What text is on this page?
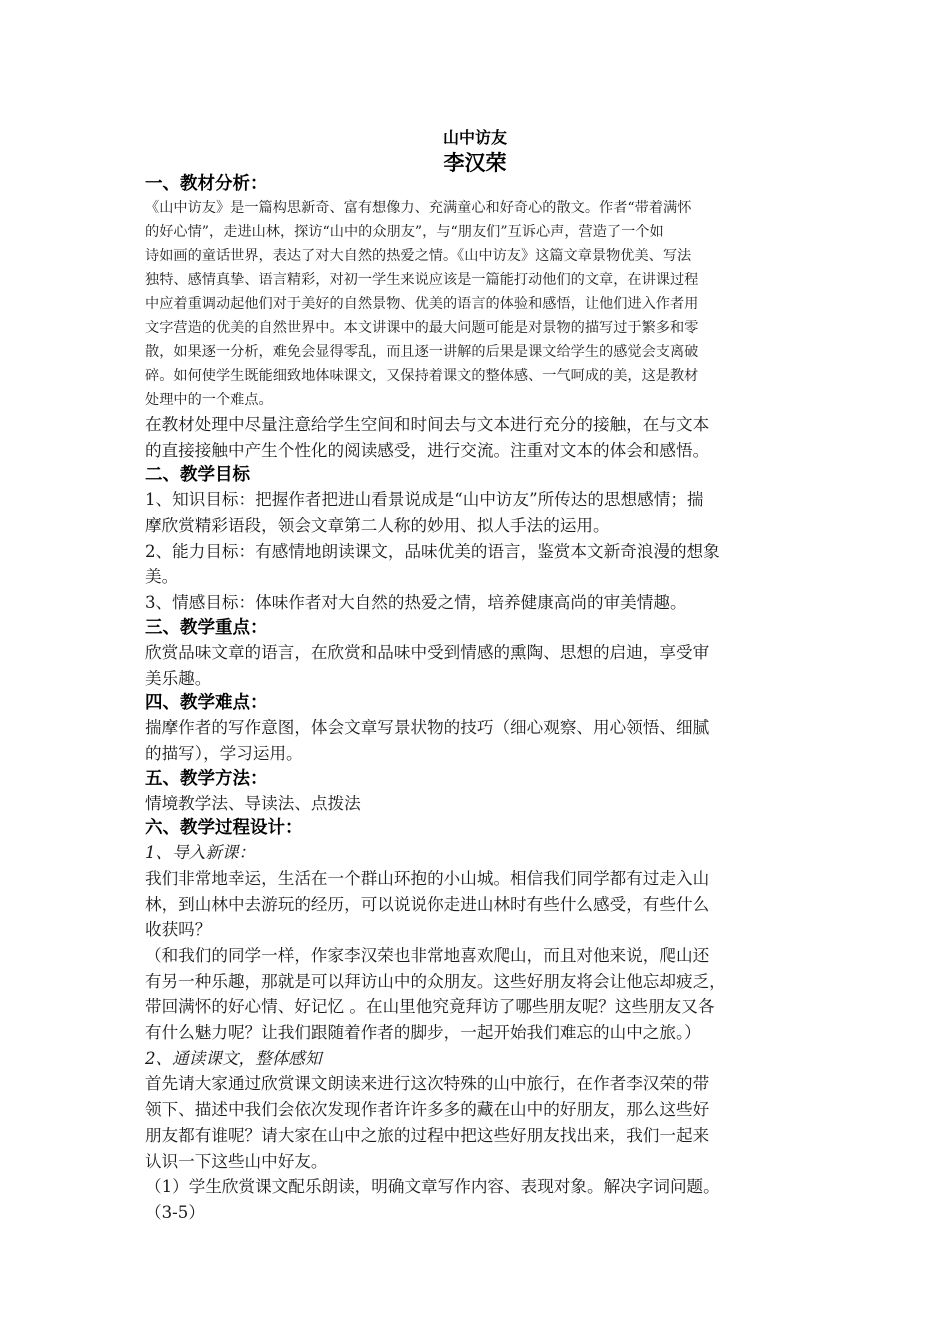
山中访友
李汉荣
一、教材分析：

《山中访友》是一篇构思新奇、富有想像力、充满童心和好奇心的散文。作者“带着满怀

的好心情”，走进山林，探访“山中的众朋友”，与“朋友们”互诉心声，营造了一个如

诗如画的童话世界，表达了对大自然的热爱之情。《山中访友》这篇文章景物优美、写法

独特、感情真挚、语言精彩，对初一学生来说应该是一篇能打动他们的文章，在讲课过程

中应着重调动起他们对于美好的自然景物、优美的语言的体验和感悟，让他们进入作者用

文字营造的优美的自然世界中。本文讲课中的最大问题可能是对景物的描写过于繁多和零

散，如果逐一分析，难免会显得零乱，而且逐一讲解的后果是课文给学生的感觉会支离破

碎。如何使学生既能细致地体味课文，又保持着课文的整体感、一气呵成的美，这是教材

处理中的一个难点。

在教材处理中尽量注意给学生空间和时间去与文本进行充分的接触，在与文本

的直接接触中产生个性化的阅读感受，进行交流。注重对文本的体会和感悟。

二、教学目标

1、知识目标：把握作者把进山看景说成是“山中访友”所传达的思想感情；揣

摩欣赏精彩语段，领会文章第二人称的妙用、拟人手法的运用。

2、能力目标：有感情地朗读课文，品味优美的语言，鉴赏本文新奇浪漫的想象

美。

3、情感目标：体味作者对大自然的热爱之情，培养健康高尚的审美情趣。

三、教学重点：

欣赏品味文章的语言，在欣赏和品味中受到情感的熏陶、思想的启迪，享受审

美乐趣。

四、教学难点：

揣摩作者的写作意图，体会文章写景状物的技巧（细心观察、用心领悟、细腻

的描写），学习运用。

五、教学方法：

情境教学法、导读法、点拨法

六、教学过程设计：

1、导入新课：

我们非常地幸运，生活在一个群山环抱的小山城。相信我们同学都有过走入山

林，到山林中去游玩的经历，可以说说你走进山林时有些什么感受，有些什么

收获吗？

（和我们的同学一样，作家李汉荣也非常地喜欢爬山，而且对他来说，爬山还

有另一种乐趣，那就是可以拜访山中的众朋友。这些好朋友将会让他忘却疲乏，

带回满怀的好心情、好记忆 。在山里他究竟拜访了哪些朋友呢？这些朋友又各

有什么魅力呢？让我们跟随着作者的脚步，一起开始我们难忘的山中之旅。）

2、通读课文，整体感知

首先请大家通过欣赏课文朗读来进行这次特殊的山中旅行，在作者李汉荣的带

领下、描述中我们会依次发现作者许许多多的藏在山中的好朋友，那么这些好

朋友都有谁呢？请大家在山中之旅的过程中把这些好朋友找出来，我们一起来

认识一下这些山中好友。

（1）学生欣赏课文配乐朗读，明确文章写作内容、表现对象。解决字词问题。

（3-5）
